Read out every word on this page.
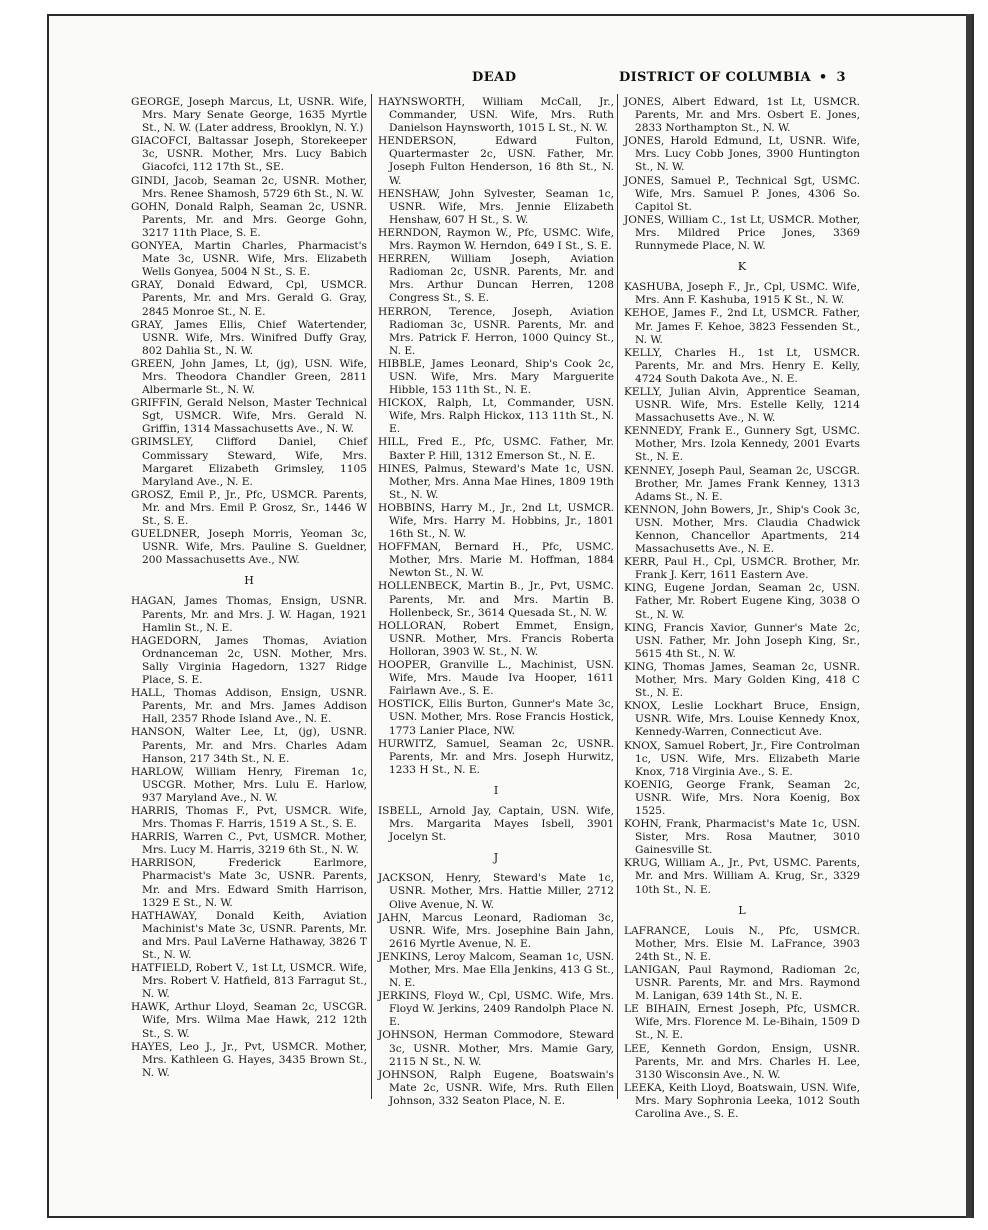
DEAD	DISTRICT OF COLUMBIA • 3

GEORGE, Joseph Marcus, Lt, USNR. Wife, Mrs. Mary Senate George, 1635 Myrtle St., N. W. (Later address, Brooklyn, N. Y.)

GIACOFCI, Baltassar Joseph, Storekeeper 3c, USNR. Mother, Mrs. Lucy Babich Giacofci, 112 17th St., SE.

GINDI, Jacob, Seaman 2c, USNR. Mother, Mrs. Renee Shamosh, 5729 6th St., N. W.

GOHN, Donald Ralph, Seaman 2c, USNR. Parents, Mr. and Mrs. George Gohn, 3217 11th Place, S. E.

GONYEA, Martin Charles, Pharmacist's Mate 3c, USNR. Wife, Mrs. Elizabeth Wells Gonyea, 5004 N St., S. E.

GRAY, Donald Edward, Cpl, USMCR. Parents, Mr. and Mrs. Gerald G. Gray, 2845 Monroe St., N. E.

GRAY, James Ellis, Chief Watertender, USNR. Wife, Mrs. Winifred Duffy Gray, 802 Dahlia St., N. W.

GREEN, John James, Lt, (jg), USN. Wife, Mrs. Theodora Chandler Green, 2811 Albermarle St., N. W.

GRIFFIN, Gerald Nelson, Master Technical Sgt, USMCR. Wife, Mrs. Gerald N. Griffin, 1314 Massachusetts Ave., N. W.

GRIMSLEY, Clifford Daniel, Chief Commissary Steward, Wife, Mrs. Margaret Elizabeth Grimsley, 1105 Maryland Ave., N. E.

GROSZ, Emil P., Jr., Pfc, USMCR. Parents, Mr. and Mrs. Emil P. Grosz, Sr., 1446 W St., S. E.

GUELDNER, Joseph Morris, Yeoman 3c, USNR. Wife, Mrs. Pauline S. Gueldner, 200 Massachusetts Ave., NW.

H

HAGAN, James Thomas, Ensign, USNR. Parents, Mr. and Mrs. J. W. Hagan, 1921 Hamlin St., N. E.

HAGEDORN, James Thomas, Aviation Ordnanceman 2c, USN. Mother, Mrs. Sally Virginia Hagedorn, 1327 Ridge Place, S. E.

HALL, Thomas Addison, Ensign, USNR. Parents, Mr. and Mrs. James Addison Hall, 2357 Rhode Island Ave., N. E.

HANSON, Walter Lee, Lt, (jg), USNR. Parents, Mr. and Mrs. Charles Adam Hanson, 217 34th St., N. E.

HARLOW, William Henry, Fireman 1c, USCGR. Mother, Mrs. Lulu E. Harlow, 937 Maryland Ave., N. W.

HARRIS, Thomas F., Pvt, USMCR. Wife, Mrs. Thomas F. Harris, 1519 A St., S. E.

HARRIS, Warren C., Pvt, USMCR. Mother, Mrs. Lucy M. Harris, 3219 6th St., N. W.

HARRISON, Frederick Earlmore, Pharmacist's Mate 3c, USNR. Parents, Mr. and Mrs. Edward Smith Harrison, 1329 E St., N. W.

HATHAWAY, Donald Keith, Aviation Machinist's Mate 3c, USNR. Parents, Mr. and Mrs. Paul LaVerne Hathaway, 3826 T St., N. W.

HATFIELD, Robert V., 1st Lt, USMCR. Wife, Mrs. Robert V. Hatfield, 813 Farragut St., N. W.

HAWK, Arthur Lloyd, Seaman 2c, USCGR. Wife, Mrs. Wilma Mae Hawk, 212 12th St., S. W.

HAYES, Leo J., Jr., Pvt, USMCR. Mother, Mrs. Kathleen G. Hayes, 3435 Brown St., N. W.

HAYNSWORTH, William McCall, Jr., Commander, USN. Wife, Mrs. Ruth Danielson Haynsworth, 1015 L St., N. W.

HENDERSON, Edward Fulton, Quartermaster 2c, USN. Father, Mr. Joseph Fulton Henderson, 16 8th St., N. W.

HENSHAW, John Sylvester, Seaman 1c, USNR. Wife, Mrs. Jennie Elizabeth Henshaw, 607 H St., S. W.

HERNDON, Raymon W., Pfc, USMC. Wife, Mrs. Raymon W. Herndon, 649 I St., S. E.

HERREN, William Joseph, Aviation Radioman 2c, USNR. Parents, Mr. and Mrs. Arthur Duncan Herren, 1208 Congress St., S. E.

HERRON, Terence, Joseph, Aviation Radioman 3c, USNR. Parents, Mr. and Mrs. Patrick F. Herron, 1000 Quincy St., N. E.

HIBBLE, James Leonard, Ship's Cook 2c, USN. Wife, Mrs. Mary Marguerite Hibble, 153 11th St., N. E.

HICKOX, Ralph, Lt, Commander, USN. Wife, Mrs. Ralph Hickox, 113 11th St., N. E.

HILL, Fred E., Pfc, USMC. Father, Mr. Baxter P. Hill, 1312 Emerson St., N. E.

HINES, Palmus, Steward's Mate 1c, USN. Mother, Mrs. Anna Mae Hines, 1809 19th St., N. W.

HOBBINS, Harry M., Jr., 2nd Lt, USMCR. Wife, Mrs. Harry M. Hobbins, Jr., 1801 16th St., N. W.

HOFFMAN, Bernard H., Pfc, USMC. Mother, Mrs. Marie M. Hoffman, 1884 Newton St., N. W.

HOLLENBECK, Martin B., Jr., Pvt, USMC. Parents, Mr. and Mrs. Martin B. Hollenbeck, Sr., 3614 Quesada St., N. W.

HOLLORAN, Robert Emmet, Ensign, USNR. Mother, Mrs. Francis Roberta Holloran, 3903 W. St., N. W.

HOOPER, Granville L., Machinist, USN. Wife, Mrs. Maude Iva Hooper, 1611 Fairlawn Ave., S. E.

HOSTICK, Ellis Burton, Gunner's Mate 3c, USN. Mother, Mrs. Rose Francis Hostick, 1773 Lanier Place, NW.

HURWITZ, Samuel, Seaman 2c, USNR. Parents, Mr. and Mrs. Joseph Hurwitz, 1233 H St., N. E.

I

ISBELL, Arnold Jay, Captain, USN. Wife, Mrs. Margarita Mayes Isbell, 3901 Jocelyn St.

J

JACKSON, Henry, Steward's Mate 1c, USNR. Mother, Mrs. Hattie Miller, 2712 Olive Avenue, N. W.

JAHN, Marcus Leonard, Radioman 3c, USNR. Wife, Mrs. Josephine Bain Jahn, 2616 Myrtle Avenue, N. E.

JENKINS, Leroy Malcom, Seaman 1c, USN. Mother, Mrs. Mae Ella Jenkins, 413 G St., N. E.

JERKINS, Floyd W., Cpl, USMC. Wife, Mrs. Floyd W. Jerkins, 2409 Randolph Place N. E.

JOHNSON, Herman Commodore, Steward 3c, USNR. Mother, Mrs. Mamie Gary, 2115 N St., N. W.

JOHNSON, Ralph Eugene, Boatswain's Mate 2c, USNR. Wife, Mrs. Ruth Ellen Johnson, 332 Seaton Place, N. E.

JONES, Albert Edward, 1st Lt, USMCR. Parents, Mr. and Mrs. Osbert E. Jones, 2833 Northampton St., N. W.

JONES, Harold Edmund, Lt, USNR. Wife, Mrs. Lucy Cobb Jones, 3900 Huntington St., N. W.

JONES, Samuel P., Technical Sgt, USMC. Wife, Mrs. Samuel P. Jones, 4306 So. Capitol St.

JONES, William C., 1st Lt, USMCR. Mother, Mrs. Mildred Price Jones, 3369 Runnymede Place, N. W.

K

KASHUBA, Joseph F., Jr., Cpl, USMC. Wife, Mrs. Ann F. Kashuba, 1915 K St., N. W.

KEHOE, James F., 2nd Lt, USMCR. Father, Mr. James F. Kehoe, 3823 Fessenden St., N. W.

KELLY, Charles H., 1st Lt, USMCR. Parents, Mr. and Mrs. Henry E. Kelly, 4724 South Dakota Ave., N. E.

KELLY, Julian Alvin, Apprentice Seaman, USNR. Wife, Mrs. Estelle Kelly, 1214 Massachusetts Ave., N. W.

KENNEDY, Frank E., Gunnery Sgt, USMC. Mother, Mrs. Izola Kennedy, 2001 Evarts St., N. E.

KENNEY, Joseph Paul, Seaman 2c, USCGR. Brother, Mr. James Frank Kenney, 1313 Adams St., N. E.

KENNON, John Bowers, Jr., Ship's Cook 3c, USN. Mother, Mrs. Claudia Chadwick Kennon, Chancellor Apartments, 214 Massachusetts Ave., N. E.

KERR, Paul H., Cpl, USMCR. Brother, Mr. Frank J. Kerr, 1611 Eastern Ave.

KING, Eugene Jordan, Seaman 2c, USN. Father, Mr. Robert Eugene King, 3038 O St., N. W.

KING, Francis Xavior, Gunner's Mate 2c, USN. Father, Mr. John Joseph King, Sr., 5615 4th St., N. W.

KING, Thomas James, Seaman 2c, USNR. Mother, Mrs. Mary Golden King, 418 C St., N. E.

KNOX, Leslie Lockhart Bruce, Ensign, USNR. Wife, Mrs. Louise Kennedy Knox, Kennedy-Warren, Connecticut Ave.

KNOX, Samuel Robert, Jr., Fire Controlman 1c, USN. Wife, Mrs. Elizabeth Marie Knox, 718 Virginia Ave., S. E.

KOENIG, George Frank, Seaman 2c, USNR. Wife, Mrs. Nora Koenig, Box 1525.

KOHN, Frank, Pharmacist's Mate 1c, USN. Sister, Mrs. Rosa Mautner, 3010 Gainesville St.

KRUG, William A., Jr., Pvt, USMC. Parents, Mr. and Mrs. William A. Krug, Sr., 3329 10th St., N. E.

L

LAFRANCE, Louis N., Pfc, USMCR. Mother, Mrs. Elsie M. LaFrance, 3903 24th St., N. E.

LANIGAN, Paul Raymond, Radioman 2c, USNR. Parents, Mr. and Mrs. Raymond M. Lanigan, 639 14th St., N. E.

LE BIHAIN, Ernest Joseph, Pfc, USMCR. Wife, Mrs. Florence M. Le-Bihain, 1509 D St., N. E.

LEE, Kenneth Gordon, Ensign, USNR. Parents, Mr. and Mrs. Charles H. Lee, 3130 Wisconsin Ave., N. W.

LEEKA, Keith Lloyd, Boatswain, USN. Wife, Mrs. Mary Sophronia Leeka, 1012 South Carolina Ave., S. E.
